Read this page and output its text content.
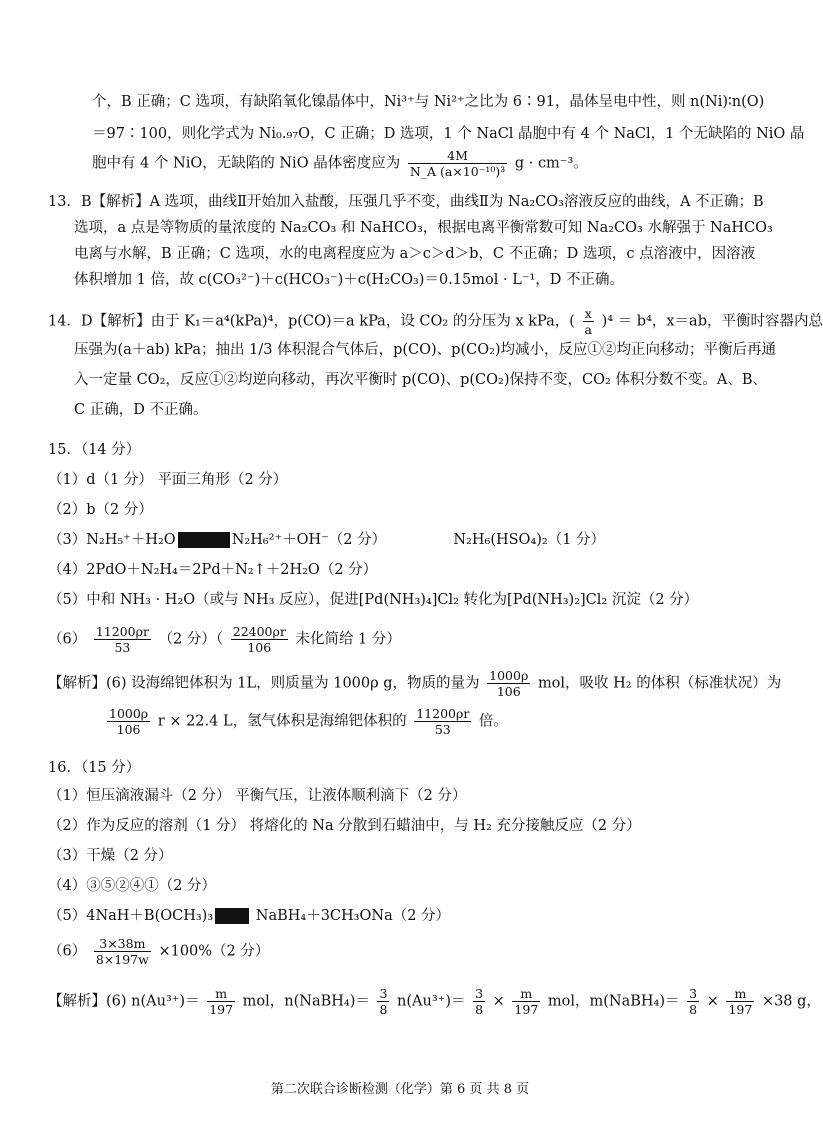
个，B 正确；C 选项，有缺陷氧化镍晶体中，Ni³⁺与 Ni²⁺之比为 6∶91，晶体呈电中性，则 n(Ni)∶n(O)
＝97∶100，则化学式为 Ni₀.₉₇O，C 正确；D 选项，1 个 NaCl 晶胞中有 4 个 NaCl，1 个无缺陷的 NiO 晶
胞中有 4 个 NiO，无缺陷的 NiO 晶体密度应为 $\frac{4M}{\text{N\_A (a×10⁻¹⁰)³}}$ g · cm⁻³。
13．B【解析】A 选项，曲线Ⅱ开始加入盐酸，压强几乎不变，曲线Ⅱ为 Na₂CO₃溶液反应的曲线，A 不正确；B
选项，a 点是等物质的量浓度的 Na₂CO₃ 和 NaHCO₃，根据电离平衡常数可知 Na₂CO₃ 水解强于 NaHCO₃
电离与水解，B 正确；C 选项，水的电离程度应为 a＞c＞d＞b，C 不正确；D 选项，c 点溶液中，因溶液
体积增加 1 倍，故 c(CO₃²⁻)＋c(HCO₃⁻)＋c(H₂CO₃)＝0.15mol · L⁻¹，D 不正确。
14．D【解析】由于 K₁＝a⁴(kPa)⁴，p(CO)＝a kPa，设 CO₂ 的分压为 x kPa，( $\frac{x}{a} )^4 = b^4$，x＝ab，平衡时容器内总
压强为(a＋ab) kPa；抽出 1/3 体积混合气体后，p(CO)、p(CO₂)均减小，反应①②均正向移动；平衡后再通
入一定量 CO₂，反应①②均逆向移动，再次平衡时 p(CO)、p(CO₂)保持不变，CO₂ 体积分数不变。A、B、
C 正确，D 不正确。
15．（14 分）
（1）d（1 分） 平面三角形（2 分）
（2）b（2 分）
（3）N₂H₅⁺＋H₂O	N₂H₆²⁺＋OH⁻（2 分）	N₂H₆(HSO₄)₂（1 分）
（4）2PdO＋N₂H₄＝2Pd＋N₂↑＋2H₂O（2 分）
（5）中和 NH₃ · H₂O（或与 NH₃ 反应），促进[Pd(NH₃)₄]Cl₂ 转化为[Pd(NH₃)₂]Cl₂ 沉淀（2 分）
$(6) \frac{11200\rho r}{53} (2$ 分）（ $\frac{22400\rho r}{106}$ 未化简给 1 分）
【解析】(6) 设海绵钯体积为 1L，则质量为 1000ρ g，物质的量为 $\frac{1000\rho}{106}$ mol，吸收 H₂ 的体积（标准状况）为
$\frac{1000\rho}{106}$ r × 22.4 L，氢气体积是海绵钯体积的 $\frac{11200\rho r}{53}$ 倍。
16．（15 分）
（1）恒压滴液漏斗（2 分） 平衡气压，让液体顺利滴下（2 分）
（2）作为反应的溶剂（1 分） 将熔化的 Na 分散到石蜡油中，与 H₂ 充分接触反应（2 分）
（3）干燥（2 分）
（4）③⑤②④①（2 分）
（5）4NaH＋B(OCH₃)₃	NaBH₄＋3CH₃ONa（2 分）
$(6) \frac{3\times 38m}{8\times 197w} \times 100\%(2$ 分）
【解析】(6) $n(Au^{3+})= \frac{m}{197}$ mol，n(NaBH₄)＝ $\frac{3}{8} n(Au^{3+})= \frac{3}{8} \times \frac{m}{197}$ mol，m(NaBH₄)＝ $\frac{3}{8} \times \frac{m}{197} \times 38$ g，
第二次联合诊断检测（化学）第 6 页 共 8 页
